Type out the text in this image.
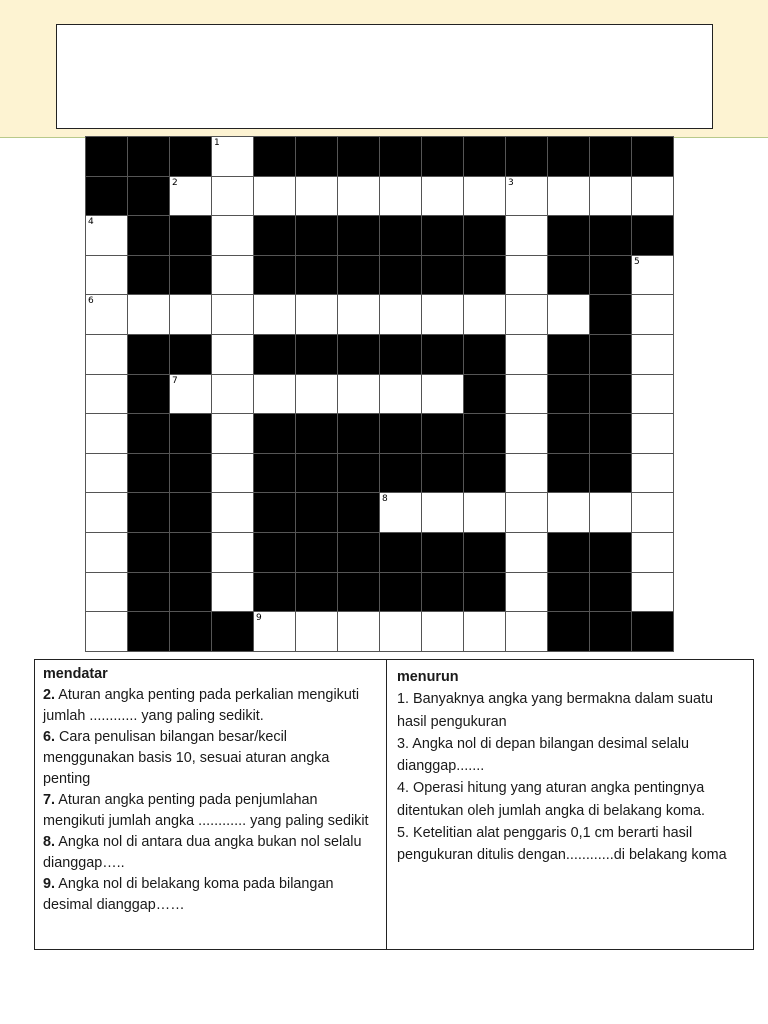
1
2	3
4
5
6
7
8
9
mendatar
2. Aturan angka penting pada perkalian mengikuti jumlah ............ yang paling sedikit.
6. Cara penulisan bilangan besar/kecil menggunakan basis 10, sesuai aturan angka penting
7. Aturan angka penting pada penjumlahan mengikuti jumlah angka ............ yang paling sedikit
8. Angka nol di antara dua angka bukan nol selalu dianggap…..
9. Angka nol di belakang koma pada bilangan desimal dianggap……
menurun
1. Banyaknya angka yang bermakna dalam suatu hasil pengukuran
3. Angka nol di depan bilangan desimal selalu dianggap.......
4. Operasi hitung yang aturan angka pentingnya ditentukan oleh jumlah angka di belakang koma.
5. Ketelitian alat penggaris 0,1 cm berarti hasil pengukuran ditulis dengan............di belakang koma
